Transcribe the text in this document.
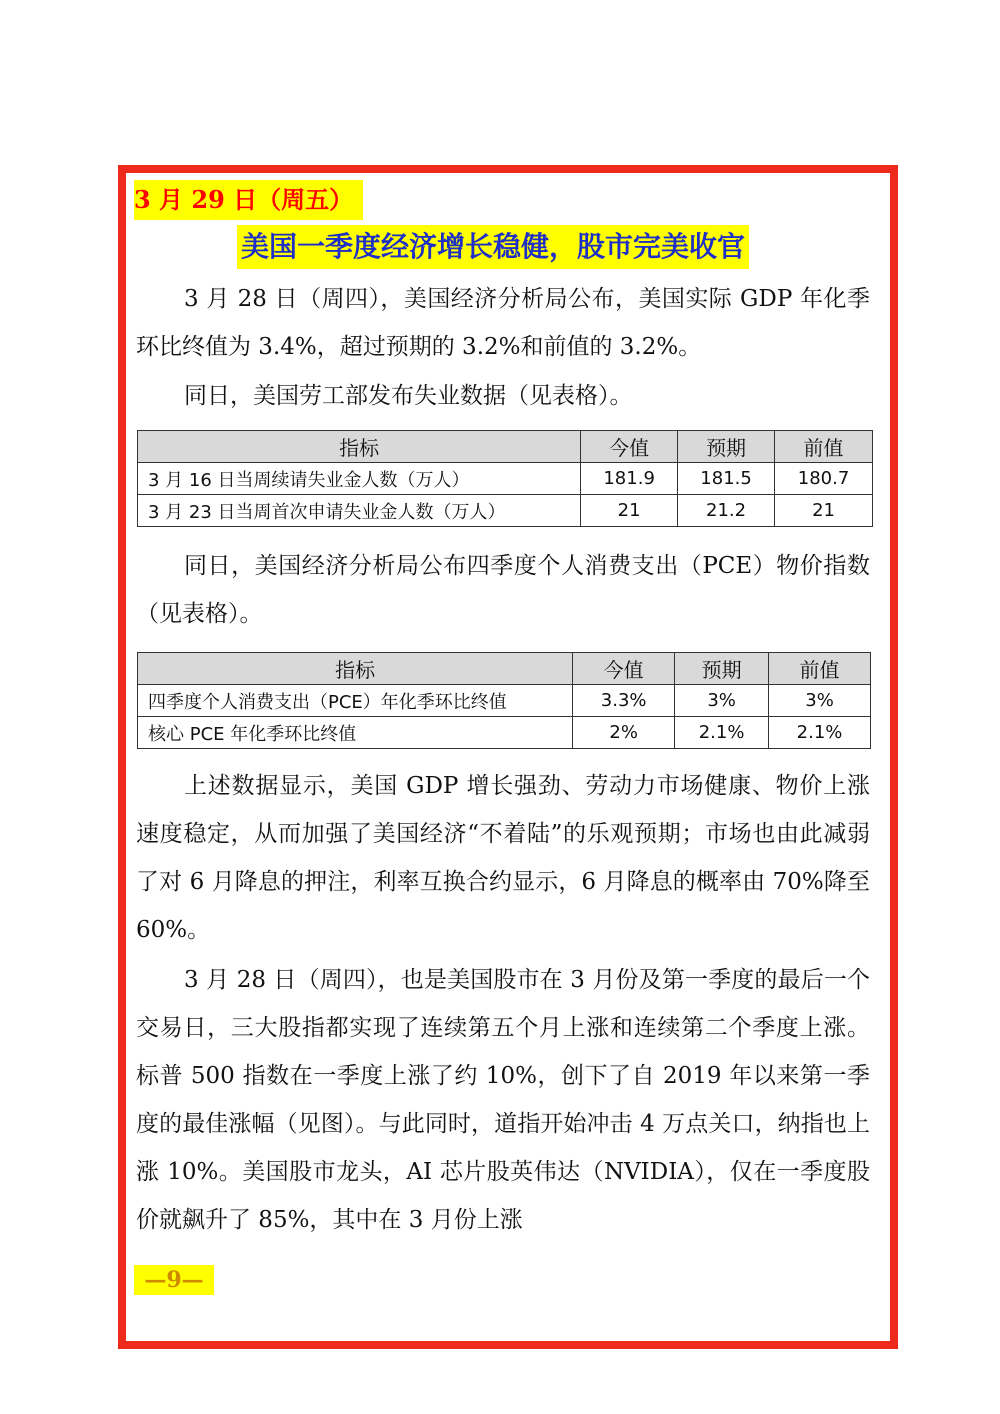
3 月 29 日（周五）
美国一季度经济增长稳健，股市完美收官

3 月 28 日（周四），美国经济分析局公布，美国实际 GDP 年化季环比终值为 3.4%，超过预期的 3.2%和前值的 3.2%。

同日，美国劳工部发布失业数据（见表格）。

指标	今值	预期	前值
3 月 16 日当周续请失业金人数（万人）	181.9	181.5	180.7
3 月 23 日当周首次申请失业金人数（万人）	21	21.2	21

同日，美国经济分析局公布四季度个人消费支出（PCE）物价指数（见表格）。

指标	今值	预期	前值
四季度个人消费支出（PCE）年化季环比终值	3.3%	3%	3%
核心 PCE 年化季环比终值	2%	2.1%	2.1%

上述数据显示，美国 GDP 增长强劲、劳动力市场健康、物价上涨速度稳定，从而加强了美国经济“不着陆”的乐观预期；市场也由此减弱了对 6 月降息的押注，利率互换合约显示，6 月降息的概率由 70%降至 60%。

3 月 28 日（周四），也是美国股市在 3 月份及第一季度的最后一个交易日，三大股指都实现了连续第五个月上涨和连续第二个季度上涨。标普 500 指数在一季度上涨了约 10%，创下了自 2019 年以来第一季度的最佳涨幅（见图）。与此同时，道指开始冲击 4 万点关口，纳指也上涨 10%。美国股市龙头，AI 芯片股英伟达（NVIDIA），仅在一季度股价就飙升了 85%，其中在 3 月份上涨

—9—
